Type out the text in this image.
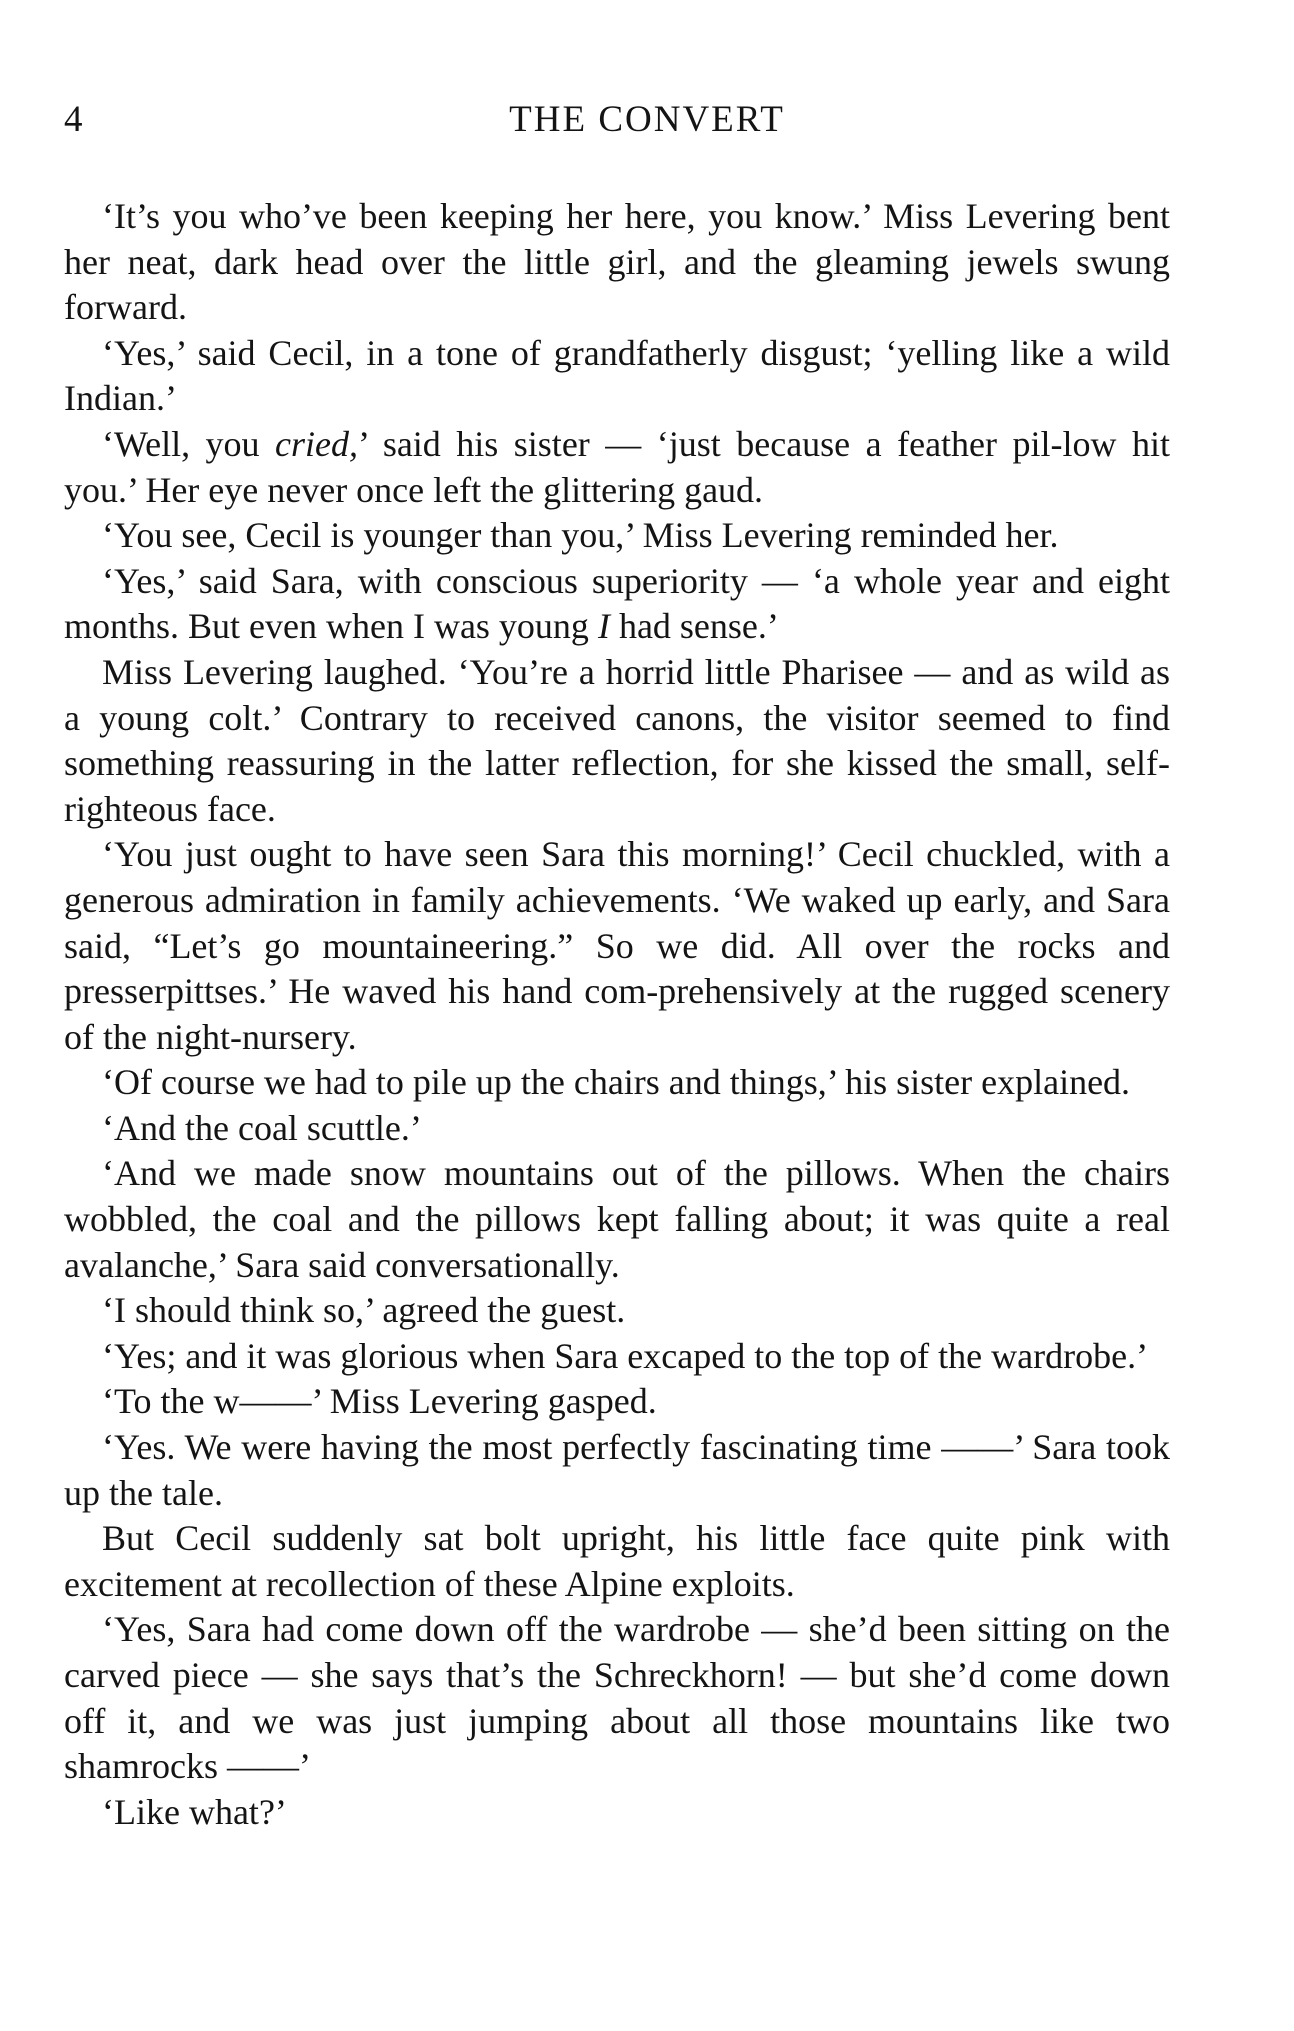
4	THE CONVERT

‘It’s you who’ve been keeping her here, you know.’ Miss Levering bent her neat, dark head over the little girl, and the gleaming jewels swung forward.

‘Yes,’ said Cecil, in a tone of grandfatherly disgust; ‘yelling like a wild Indian.’

‘Well, you cried,’ said his sister — ‘just because a feather pil-low hit you.’ Her eye never once left the glittering gaud.

‘You see, Cecil is younger than you,’ Miss Levering reminded her.

‘Yes,’ said Sara, with conscious superiority — ‘a whole year and eight months. But even when I was young I had sense.’

Miss Levering laughed. ‘You’re a horrid little Pharisee — and as wild as a young colt.’ Contrary to received canons, the visitor seemed to find something reassuring in the latter reflection, for she kissed the small, self-righteous face.

‘You just ought to have seen Sara this morning!’ Cecil chuckled, with a generous admiration in family achievements. ‘We waked up early, and Sara said, “Let’s go mountaineering.” So we did. All over the rocks and presserpittses.’ He waved his hand com-prehensively at the rugged scenery of the night-nursery.

‘Of course we had to pile up the chairs and things,’ his sister explained.

‘And the coal scuttle.’

‘And we made snow mountains out of the pillows. When the chairs wobbled, the coal and the pillows kept falling about; it was quite a real avalanche,’ Sara said conversationally.

‘I should think so,’ agreed the guest.

‘Yes; and it was glorious when Sara excaped to the top of the wardrobe.’

‘To the w——’ Miss Levering gasped.

‘Yes. We were having the most perfectly fascinating time ——’ Sara took up the tale.

But Cecil suddenly sat bolt upright, his little face quite pink with excitement at recollection of these Alpine exploits.

‘Yes, Sara had come down off the wardrobe — she’d been sitting on the carved piece — she says that’s the Schreckhorn! — but she’d come down off it, and we was just jumping about all those mountains like two shamrocks ——’

‘Like what?’
